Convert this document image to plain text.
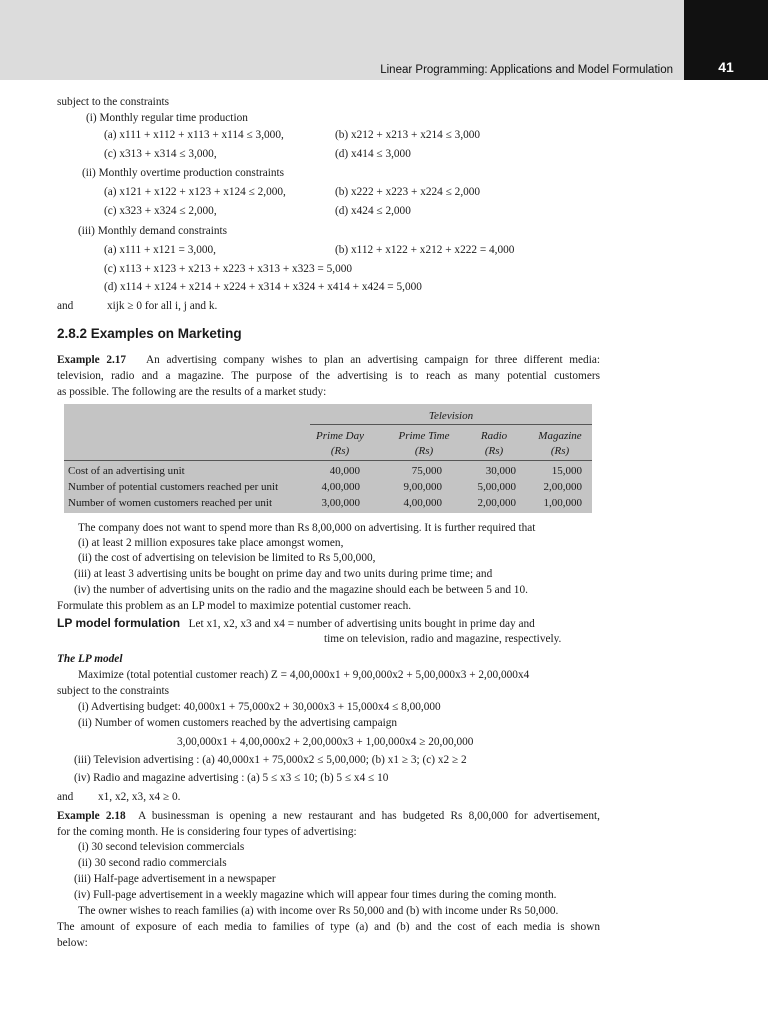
Linear Programming: Applications and Model Formulation	41
subject to the constraints
(i) Monthly regular time production
(a) x111 + x112 + x113 + x114 ≤ 3,000,	(b) x212 + x213 + x214 ≤ 3,000
(c) x313 + x314 ≤ 3,000,	(d) x414 ≤ 3,000
(ii) Monthly overtime production constraints
(a) x121 + x122 + x123 + x124 ≤ 2,000,	(b) x222 + x223 + x224 ≤ 2,000
(c) x323 + x324 ≤ 2,000,	(d) x424 ≤ 2,000
(iii) Monthly demand constraints
(a) x111 + x121 = 3,000,	(b) x112 + x122 + x212 + x222 = 4,000
(c) x113 + x123 + x213 + x223 + x313 + x323 = 5,000
(d) x114 + x124 + x214 + x224 + x314 + x324 + x414 + x424 = 5,000
and	xijk ≥ 0 for all i, j and k.
2.8.2 Examples on Marketing
Example 2.17 An advertising company wishes to plan an advertising campaign for three different media:
television, radio and a magazine. The purpose of the advertising is to reach as many potential customers
as possible. The following are the results of a market study:
Television
Prime Day	Prime Time	Radio	Magazine
(Rs)	(Rs)	(Rs)	(Rs)
Cost of an advertising unit	40,000	75,000	30,000	15,000
Number of potential customers reached per unit	4,00,000	9,00,000	5,00,000	2,00,000
Number of women customers reached per unit	3,00,000	4,00,000	2,00,000	1,00,000
The company does not want to spend more than Rs 8,00,000 on advertising. It is further required that
(i) at least 2 million exposures take place amongst women,
(ii) the cost of advertising on television be limited to Rs 5,00,000,
(iii) at least 3 advertising units be bought on prime day and two units during prime time; and
(iv) the number of advertising units on the radio and the magazine should each be between 5 and 10.
Formulate this problem as an LP model to maximize potential customer reach.
LP model formulation Let x1, x2, x3 and x4 = number of advertising units bought in prime day and
time on television, radio and magazine, respectively.
The LP model
Maximize (total potential customer reach) Z = 4,00,000x1 + 9,00,000x2 + 5,00,000x3 + 2,00,000x4
subject to the constraints
(i) Advertising budget: 40,000x1 + 75,000x2 + 30,000x3 + 15,000x4 ≤ 8,00,000
(ii) Number of women customers reached by the advertising campaign
3,00,000x1 + 4,00,000x2 + 2,00,000x3 + 1,00,000x4 ≥ 20,00,000
(iii) Television advertising : (a) 40,000x1 + 75,000x2 ≤ 5,00,000; (b) x1 ≥ 3; (c) x2 ≥ 2
(iv) Radio and magazine advertising : (a) 5 ≤ x3 ≤ 10; (b) 5 ≤ x4 ≤ 10
and x1, x2, x3, x4 ≥ 0.
Example 2.18 A businessman is opening a new restaurant and has budgeted Rs 8,00,000 for advertisement,
for the coming month. He is considering four types of advertising:
(i) 30 second television commercials
(ii) 30 second radio commercials
(iii) Half-page advertisement in a newspaper
(iv) Full-page advertisement in a weekly magazine which will appear four times during the coming month.
The owner wishes to reach families (a) with income over Rs 50,000 and (b) with income under Rs 50,000.
The amount of exposure of each media to families of type (a) and (b) and the cost of each media is shown
below:
